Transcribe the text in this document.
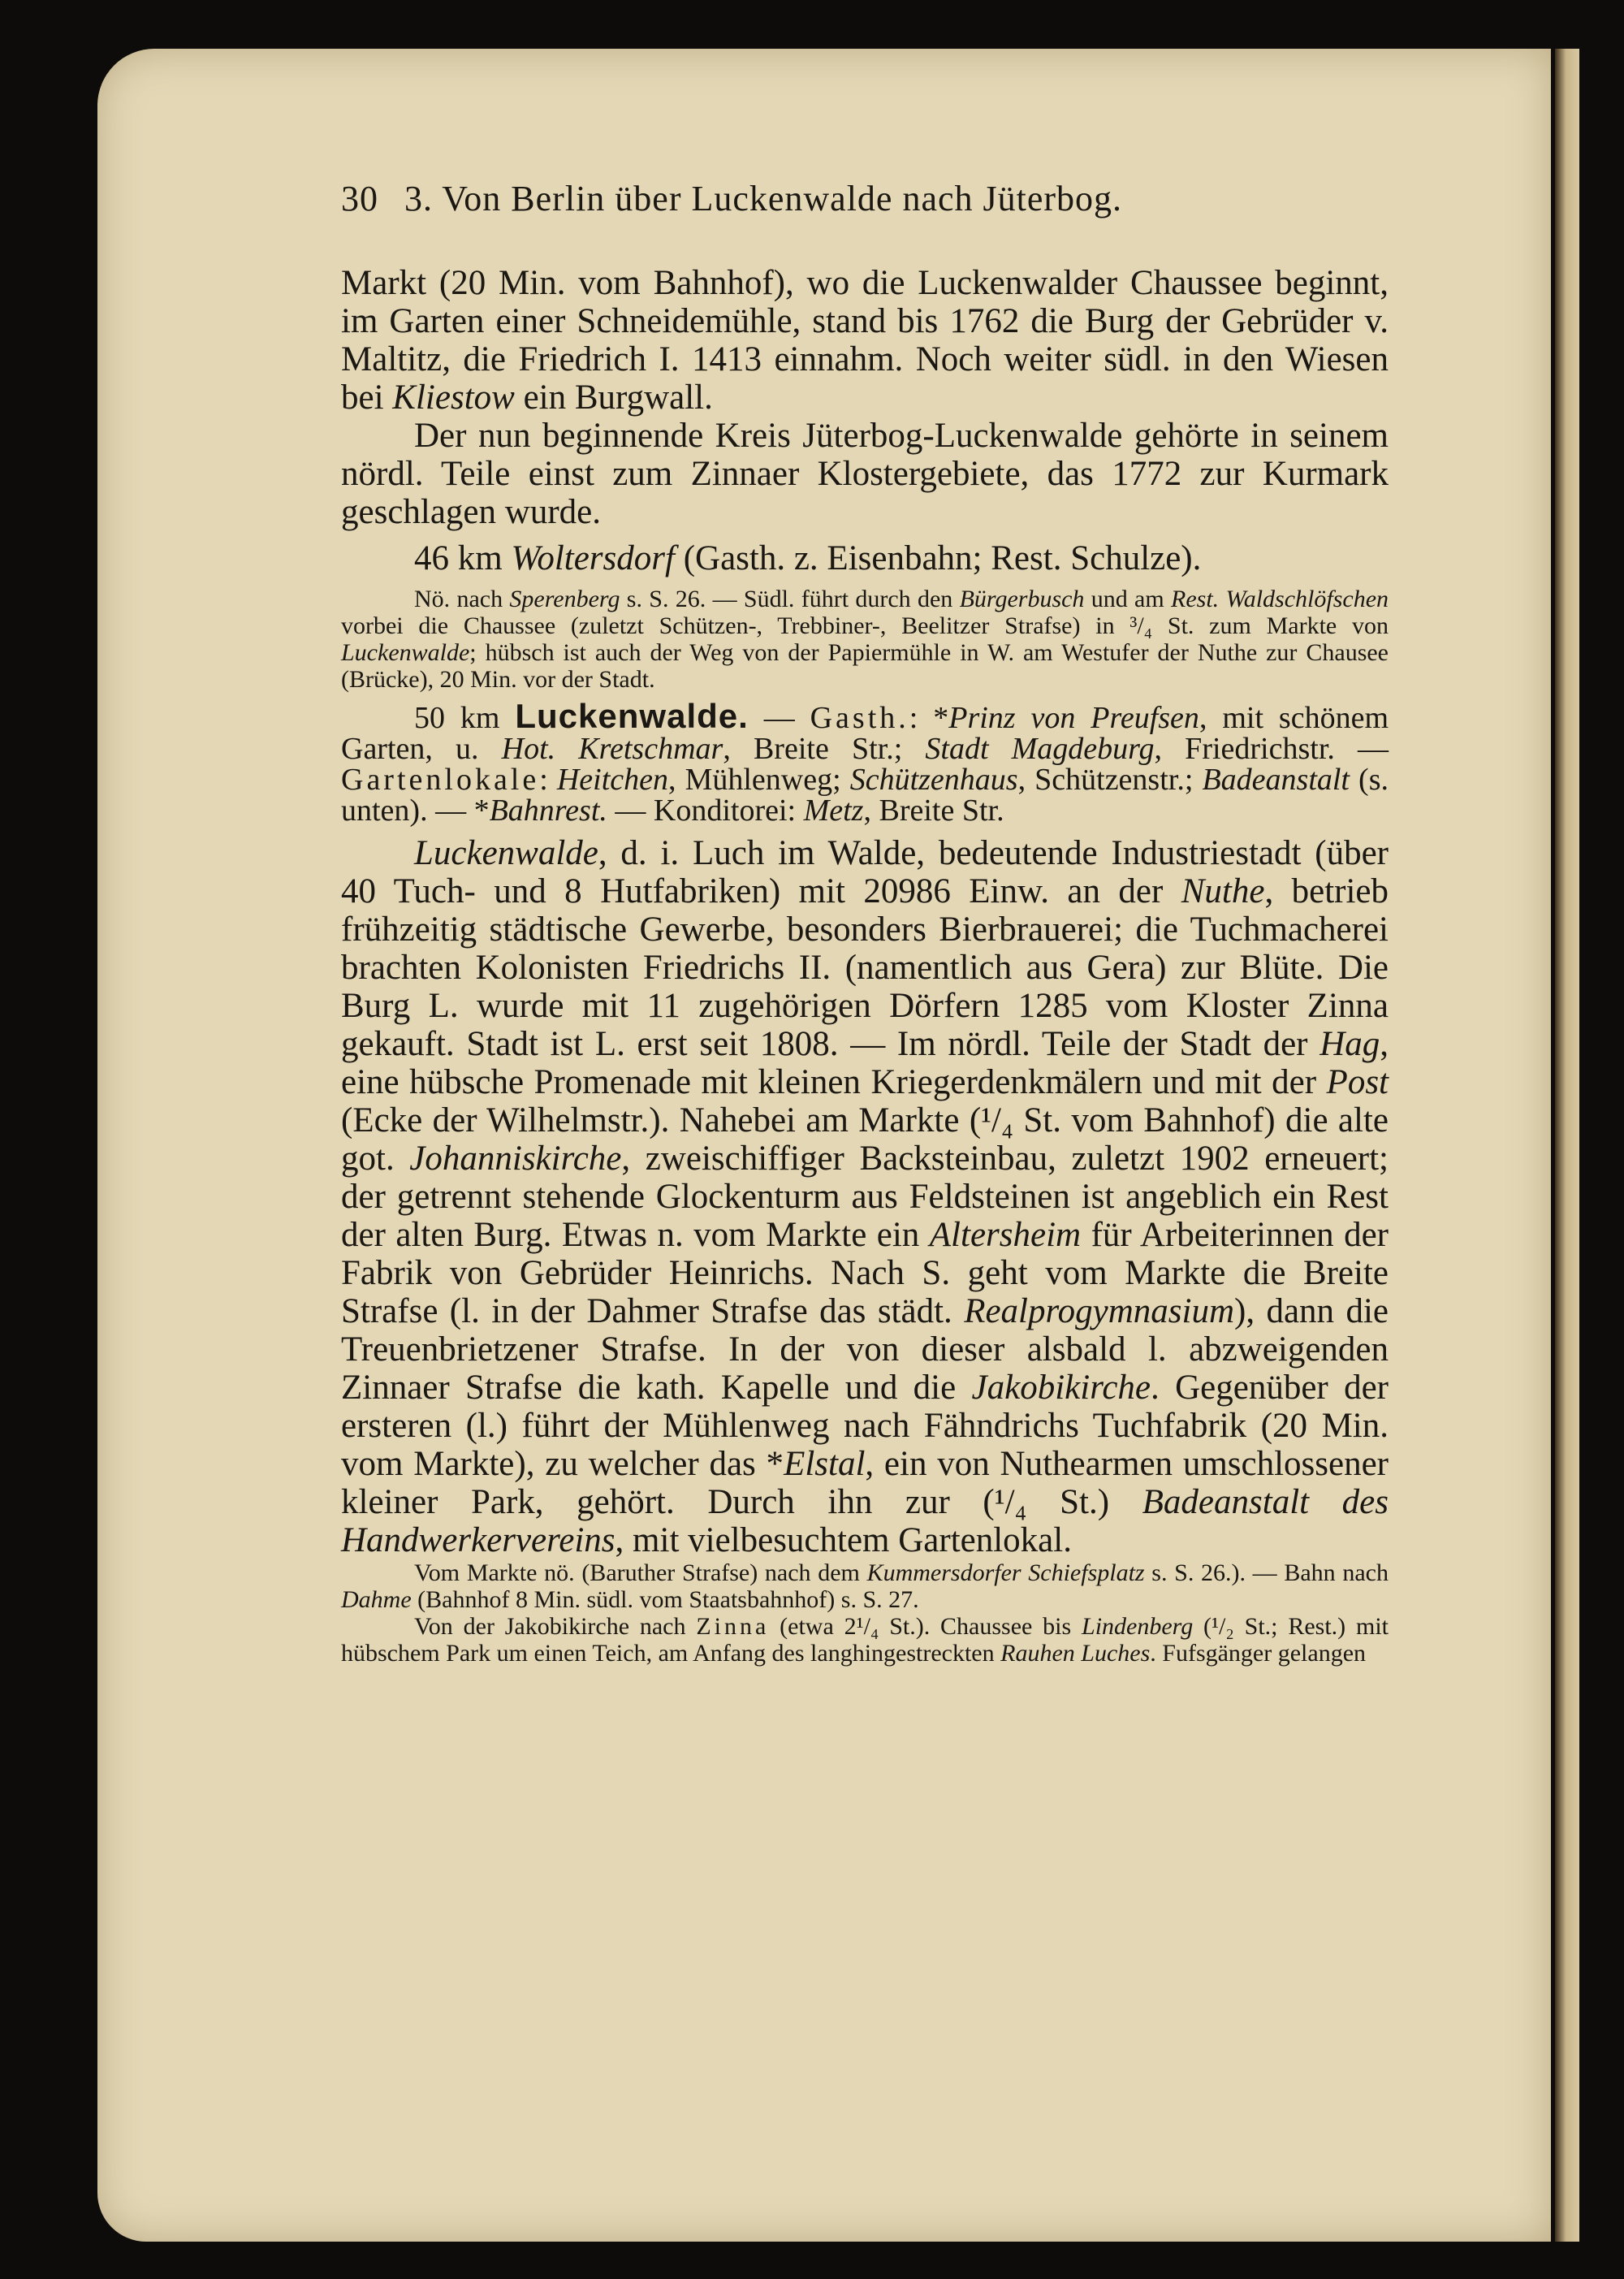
30 3. Von Berlin über Luckenwalde nach Jüterbog.

Markt (20 Min. vom Bahnhof), wo die Luckenwalder Chaussee beginnt, im Garten einer Schneidemühle, stand bis 1762 die Burg der Gebrüder v. Maltitz, die Friedrich I. 1413 einnahm. Noch weiter südl. in den Wiesen bei Kliestow ein Burgwall.

Der nun beginnende Kreis Jüterbog-Luckenwalde gehörte in seinem nördl. Teile einst zum Zinnaer Klostergebiete, das 1772 zur Kurmark geschlagen wurde.

46 km Woltersdorf (Gasth. z. Eisenbahn; Rest. Schulze).

Nö. nach Sperenberg s. S. 26. — Südl. führt durch den Bürgerbusch und am Rest. Waldschlöfschen vorbei die Chaussee (zuletzt Schützen-, Trebbiner-, Beelitzer Strafse) in ³/₄ St. zum Markte von Luckenwalde; hübsch ist auch der Weg von der Papiermühle in W. am Westufer der Nuthe zur Chausee (Brücke), 20 Min. vor der Stadt.

50 km Luckenwalde. — Gasth.: *Prinz von Preufsen, mit schönem Garten, u. Hot. Kretschmar, Breite Str.; Stadt Magdeburg, Friedrichstr. — Gartenlokale: Heitchen, Mühlenweg; Schützenhaus, Schützenstr.; Badeanstalt (s. unten). — *Bahnrest. — Konditorei: Metz, Breite Str.

Luckenwalde, d. i. Luch im Walde, bedeutende Industriestadt (über 40 Tuch- und 8 Hutfabriken) mit 20986 Einw. an der Nuthe, betrieb frühzeitig städtische Gewerbe, besonders Bierbrauerei; die Tuchmacherei brachten Kolonisten Friedrichs II. (namentlich aus Gera) zur Blüte. Die Burg L. wurde mit 11 zugehörigen Dörfern 1285 vom Kloster Zinna gekauft. Stadt ist L. erst seit 1808. — Im nördl. Teile der Stadt der Hag, eine hübsche Promenade mit kleinen Kriegerdenkmälern und mit der Post (Ecke der Wilhelmstr.). Nahebei am Markte (¹/₄ St. vom Bahnhof) die alte got. Johanniskirche, zweischiffiger Backsteinbau, zuletzt 1902 erneuert; der getrennt stehende Glockenturm aus Feldsteinen ist angeblich ein Rest der alten Burg. Etwas n. vom Markte ein Altersheim für Arbeiterinnen der Fabrik von Gebrüder Heinrichs. Nach S. geht vom Markte die Breite Strafse (l. in der Dahmer Strafse das städt. Realprogymnasium), dann die Treuenbrietzener Strafse. In der von dieser alsbald l. abzweigenden Zinnaer Strafse die kath. Kapelle und die Jakobikirche. Gegenüber der ersteren (l.) führt der Mühlenweg nach Fähndrichs Tuchfabrik (20 Min. vom Markte), zu welcher das *Elstal, ein von Nuthearmen umschlossener kleiner Park, gehört. Durch ihn zur (¹/₄ St.) Badeanstalt des Handwerkervereins, mit vielbesuchtem Gartenlokal.

Vom Markte nö. (Baruther Strafse) nach dem Kummersdorfer Schiefsplatz s. S. 26.). — Bahn nach Dahme (Bahnhof 8 Min. südl. vom Staatsbahnhof) s. S. 27.

Von der Jakobikirche nach Zinna (etwa 2¹/₄ St.). Chaussee bis Lindenberg (¹/₂ St.; Rest.) mit hübschem Park um einen Teich, am Anfang des langhingestreckten Rauhen Luches. Fufsgänger gelangen
